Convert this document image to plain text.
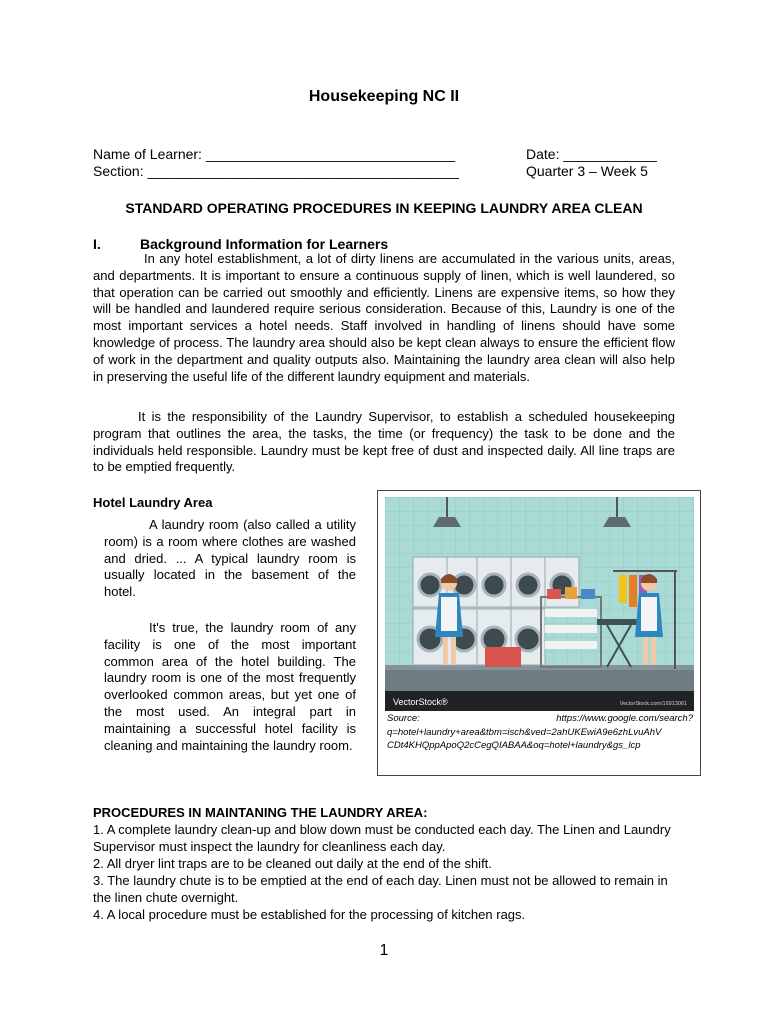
Housekeeping NC II
Name of Learner: ________________________________	Date: ____________
Section: ________________________________________	Quarter 3 – Week 5
STANDARD OPERATING PROCEDURES IN KEEPING LAUNDRY AREA CLEAN
I.	Background Information for Learners
In any hotel establishment, a lot of dirty linens are accumulated in the various units, areas, and departments. It is important to ensure a continuous supply of linen, which is well laundered, so that operation can be carried out smoothly and efficiently. Linens are expensive items, so how they will be handled and laundered require serious consideration. Because of this, Laundry is one of the most important services a hotel needs. Staff involved in handling of linens should have some knowledge of process. The laundry area should also be kept clean always to ensure the efficient flow of work in the department and quality outputs also. Maintaining the laundry area clean will also help in preserving the useful life of the different laundry equipment and materials.
It is the responsibility of the Laundry Supervisor, to establish a scheduled housekeeping program that outlines the area, the tasks, the time (or frequency) the task to be done and the individuals held responsible. Laundry must be kept free of dust and inspected daily. All line traps are to be emptied frequently.
Hotel Laundry Area
A laundry room (also called a utility room) is a room where clothes are washed and dried. ... A typical laundry room is usually located in the basement of the hotel.
It's true, the laundry room of any facility is one of the most important common area of the hotel building. The laundry room is one of the most frequently overlooked common areas, but yet one of the most used. An integral part in maintaining a successful hotel facility is cleaning and maintaining the laundry room.
VectorStock®	VectorStock.com/16913061
Source:	https://www.google.com/search?
q=hotel+laundry+area&tbm=isch&ved=2ahUKEwiA9e6zhLvuAhV
CDt4KHQppApoQ2cCegQIABAA&oq=hotel+laundry&gs_lcp
PROCEDURES IN MAINTANING THE LAUNDRY AREA:
1. A complete laundry clean-up and blow down must be conducted each day. The Linen and Laundry Supervisor must inspect the laundry for cleanliness each day.
2. All dryer lint traps are to be cleaned out daily at the end of the shift.
3. The laundry chute is to be emptied at the end of each day. Linen must not be allowed to remain in the linen chute overnight.
4. A local procedure must be established for the processing of kitchen rags.
1
